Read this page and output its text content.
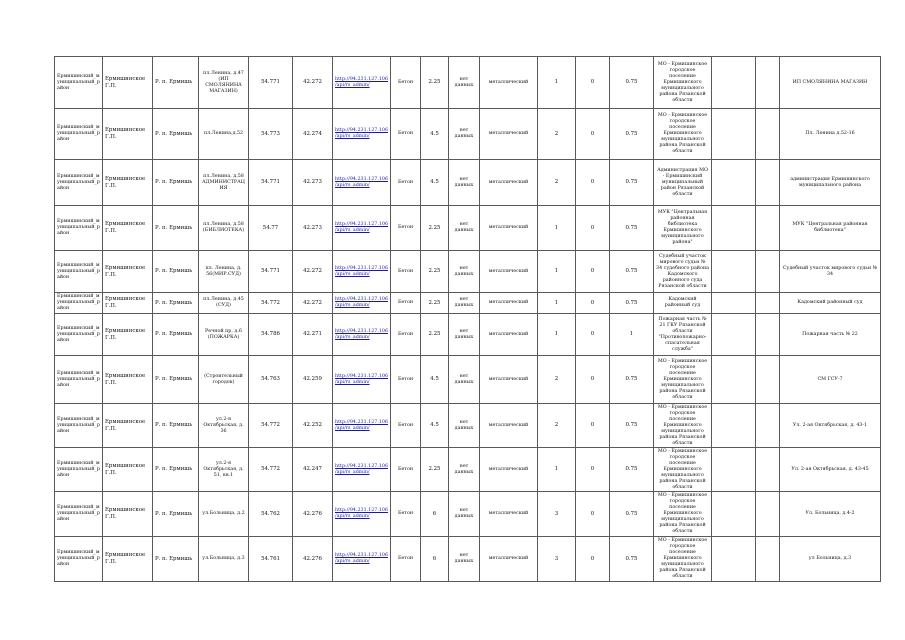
Ермишинский_муниципальный_район	Ермишинское Г.П.	Р. п. Ермишь	пл.Ленина, д.47 (ИП СМОЛЯНИНА МАГАЗИН)	54.771	42.272	http://94.231.127.106/api/rs_admin/	Бетон	2.25	нет данных	металлический	1	0	0.75	МО - Ермишинское городское поселение Ермишинского муниципального района Рязанской области			ИП СМОЛЯНИНА МАГАЗИН
Ермишинский_муниципальный_район	Ермишинское Г.П.	Р. п. Ермишь	пл.Ленина,д.52	54.773	42.274	http://94.231.127.106/api/rs_admin/	Бетон	4.5	нет данных	металлический	2	0	0.75	МО - Ермишинское городское поселение Ермишинского муниципального района Рязанской области			Пл. Ленина д.52-16
Ермишинский_муниципальный_район	Ермишинское Г.П.	Р. п. Ермишь	пл.Ленина, д.58 АДМИНИСТРАЦИЯ	54.771	42.273	http://94.231.127.106/api/rs_admin/	Бетон	4.5	нет данных	металлический	2	0	0.75	Администрация МО - Ермишинский муниципальный район Рязанской области			администрация Ермишинского муниципального района
Ермишинский_муниципальный_район	Ермишинское Г.П.	Р. п. Ермишь	пл.Ленина, д.58 (БИБЛИОТЕКА)	54.77	42.273	http://94.231.127.106/api/rs_admin/	Бетон	2.25	нет данных	металлический	1	0	0.75	МУК "Центральная районная библиотека Ермишинского муниципального района"			МУК "Центральная районная библиотека"
Ермишинский_муниципальный_район	Ермишинское Г.П.	Р. п. Ермишь	пл. Ленина, д. 56(МИР.СУД)	54.771	42.272	http://94.231.127.106/api/rs_admin/	Бетон	2.25	нет данных	металлический	1	0	0.75	Судебный участок мирового судьи № 34 судебного района Кадомского районного суда Рязанской области			Судебный участок мирового судьи № 34
Ермишинский_муниципальный_район	Ермишинское Г.П.	Р. п. Ермишь	пл.Ленина, д.45 (СУД)	54.772	42.272	http://94.231.127.106/api/rs_admin/	Бетон	2.25	нет данных	металлический	1	0	0.75	Кадомский районный суд			Кадомский районный суд
Ермишинский_муниципальный_район	Ермишинское Г.П.	Р. п. Ермишь	Речной пр, д.6 (ПОЖАРКА)	54.786	42.271	http://94.231.127.106/api/rs_admin/	Бетон	2.25	нет данных	металлический	1	0	1	Пожарная часть № 21 ГКУ Рязанской области "Противопожарно-спасательная служба"			Пожарная часть № 22
Ермишинский_муниципальный_район	Ермишинское Г.П.	Р. п. Ермишь	(Строительный городок)	54.763	42.259	http://94.231.127.106/api/rs_admin/	Бетон	4.5	нет данных	металлический	2	0	0.75	МО - Ермишинское городское поселение Ермишинского муниципального района Рязанской области			СМ ГСУ-7
Ермишинский_муниципальный_район	Ермишинское Г.П.	Р. п. Ермишь	ул.2-я Октябрьская, д. 36	54.772	42.252	http://94.231.127.106/api/rs_admin/	Бетон	4.5	нет данных	металлический	2	0	0.75	МО - Ермишинское городское поселение Ермишинского муниципального района Рязанской области			Ул. 2-ая Октябрьская, д. 43-1
Ермишинский_муниципальный_район	Ермишинское Г.П.	Р. п. Ермишь	ул.2-я Октябрьская, д. 51, кв.1	54.772	42.247	http://94.231.127.106/api/rs_admin/	Бетон	2.25	нет данных	металлический	1	0	0.75	МО - Ермишинское городское поселение Ермишинского муниципального района Рязанской области			Ул. 2-ая Октябрьская, д. 43-45
Ермишинский_муниципальный_район	Ермишинское Г.П.	Р. п. Ермишь	ул.Больница, д.2	54.762	42.276	http://94.231.127.106/api/rs_admin/	Бетон	6	нет данных	металлический	3	0	0.75	МО - Ермишинское городское поселение Ермишинского муниципального района Рязанской области			Ул. Больница, д.4-2
Ермишинский_муниципальный_район	Ермишинское Г.П.	Р. п. Ермишь	ул.Больница, д.3	54.761	42.276	http://94.231.127.106/api/rs_admin/	Бетон	6	нет данных	металлический	3	0	0.75	МО - Ермишинское городское поселение Ермишинского муниципального района Рязанской области			ул Больница, д.3
